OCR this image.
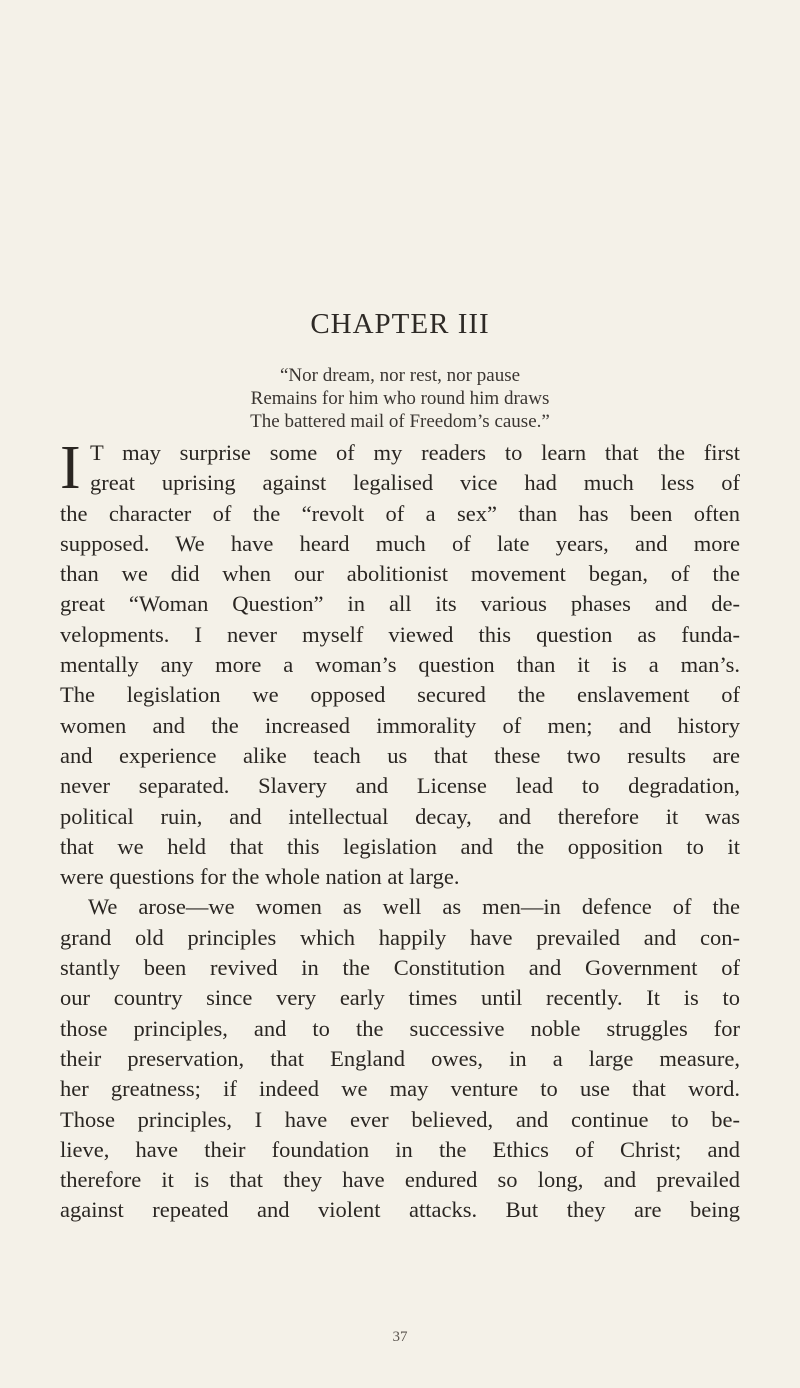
CHAPTER III
“Nor dream, nor rest, nor pause
Remains for him who round him draws
The battered mail of Freedom’s cause.”
I T may surprise some of my readers to learn that the first
great uprising against legalised vice had much less of
the character of the “revolt of a sex” than has been often
supposed. We have heard much of late years, and more
than we did when our abolitionist movement began, of the
great “Woman Question” in all its various phases and de-
velopments. I never myself viewed this question as funda-
mentally any more a woman’s question than it is a man’s.
The legislation we opposed secured the enslavement of
women and the increased immorality of men; and history
and experience alike teach us that these two results are
never separated. Slavery and License lead to degradation,
political ruin, and intellectual decay, and therefore it was
that we held that this legislation and the opposition to it
were questions for the whole nation at large.
We arose—we women as well as men—in defence of the
grand old principles which happily have prevailed and con-
stantly been revived in the Constitution and Government of
our country since very early times until recently. It is to
those principles, and to the successive noble struggles for
their preservation, that England owes, in a large measure,
her greatness; if indeed we may venture to use that word.
Those principles, I have ever believed, and continue to be-
lieve, have their foundation in the Ethics of Christ; and
therefore it is that they have endured so long, and prevailed
against repeated and violent attacks. But they are being
37
